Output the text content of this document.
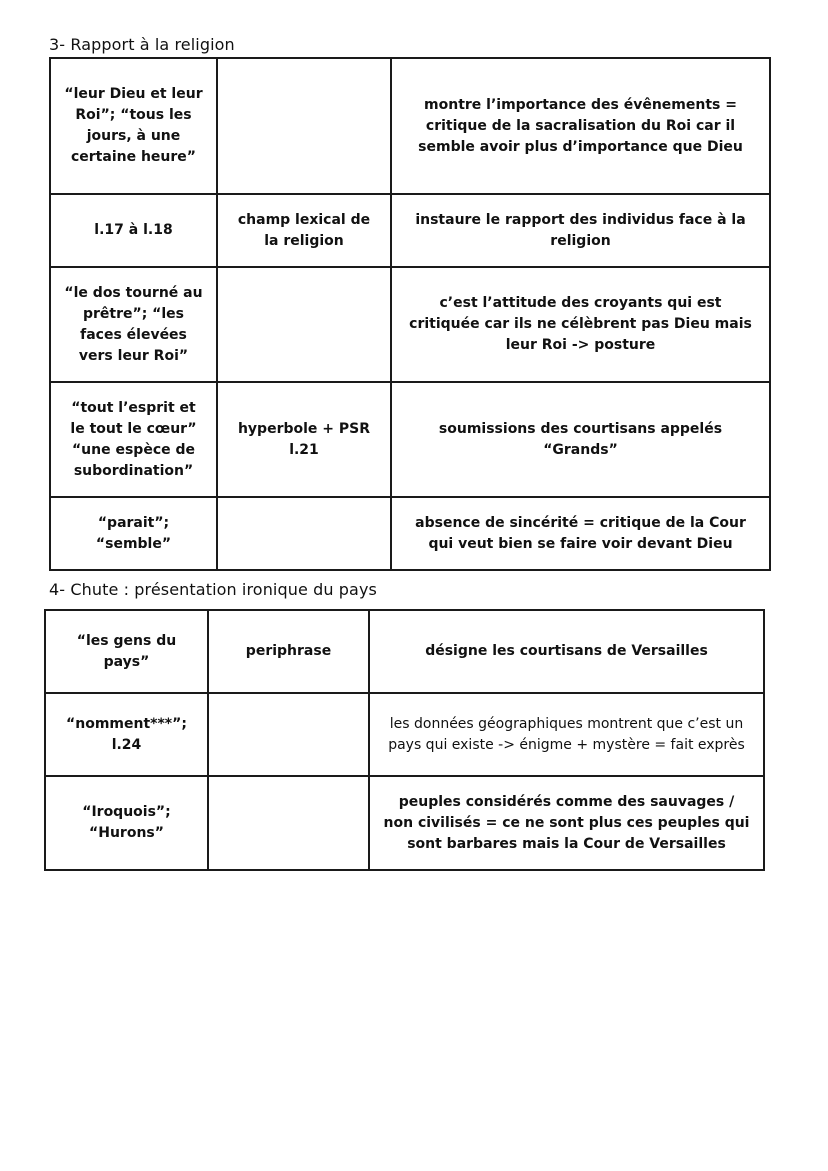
3- Rapport à la religion
“leur Dieu et leur Roi”; “tous les jours, à une certaine heure”		montre l’importance des évênements = critique de la sacralisation du Roi car il semble avoir plus d’importance que Dieu
l.17 à l.18	champ lexical de la religion	instaure le rapport des individus face à la religion
“le dos tourné au prêtre”; “les faces élevées vers leur Roi”		c’est l’attitude des croyants qui est critiquée car ils ne célèbrent pas Dieu mais leur Roi -> posture
“tout l’esprit et le tout le cœur” “une espèce de subordination”	hyperbole + PSR l.21	soumissions des courtisans appelés “Grands”
“parait”; “semble”		absence de sincérité = critique de la Cour qui veut bien se faire voir devant Dieu
4- Chute : présentation ironique du pays
“les gens du pays”	periphrase	désigne les courtisans de Versailles
“nomment***”; l.24		les données géographiques montrent que c’est un pays qui existe -> énigme + mystère = fait exprès
“Iroquois”; “Hurons”		peuples considérés comme des sauvages / non civilisés = ce ne sont plus ces peuples qui sont barbares mais la Cour de Versailles
